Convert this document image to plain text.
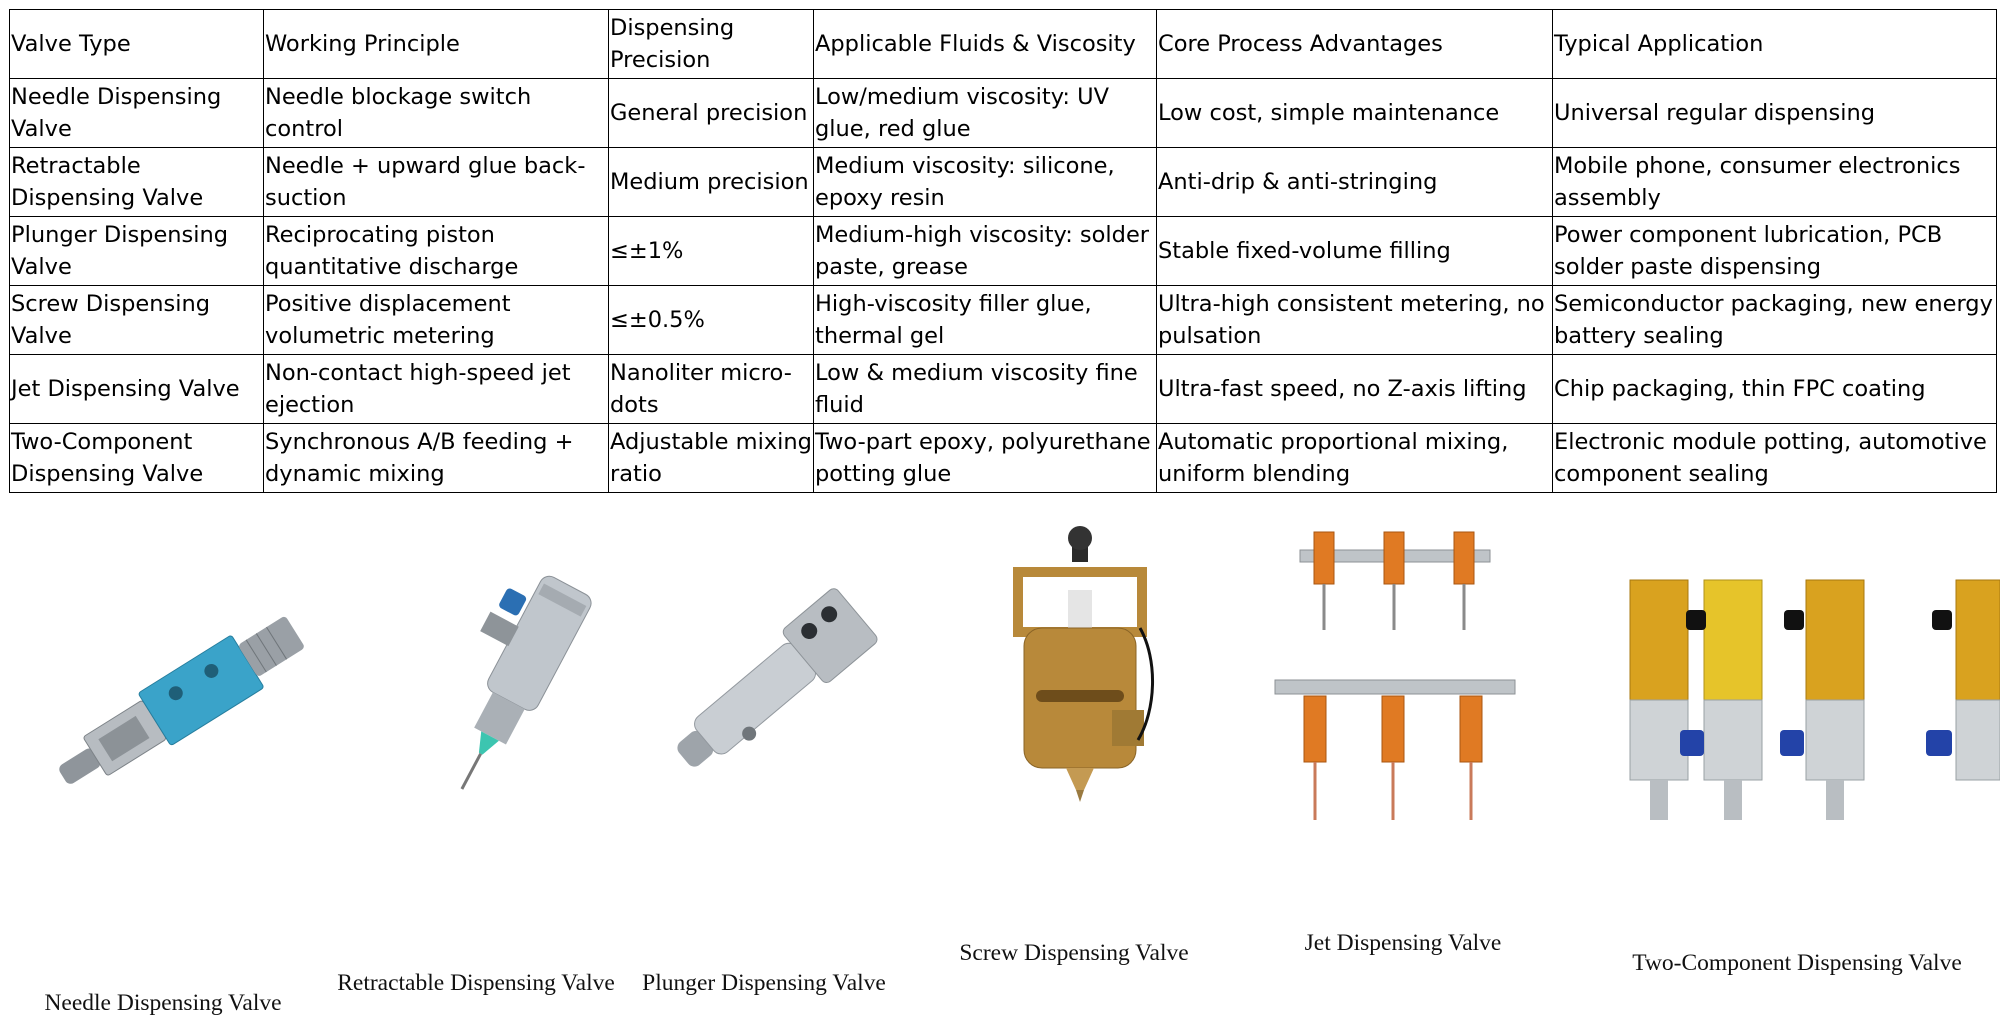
Valve Type	Working Principle	Dispensing Precision	Applicable Fluids & Viscosity	Core Process Advantages	Typical Application
Needle Dispensing Valve	Needle blockage switch control	General precision	Low/medium viscosity: UV glue, red glue	Low cost, simple maintenance	Universal regular dispensing
Retractable Dispensing Valve	Needle + upward glue back-suction	Medium precision	Medium viscosity: silicone, epoxy resin	Anti-drip & anti-stringing	Mobile phone, consumer electronics assembly
Plunger Dispensing Valve	Reciprocating piston quantitative discharge	≤±1%	Medium-high viscosity: solder paste, grease	Stable fixed-volume filling	Power component lubrication, PCB solder paste dispensing
Screw Dispensing Valve	Positive displacement volumetric metering	≤±0.5%	High-viscosity filler glue, thermal gel	Ultra-high consistent metering, no pulsation	Semiconductor packaging, new energy battery sealing
Jet Dispensing Valve	Non-contact high-speed jet ejection	Nanoliter micro-dots	Low & medium viscosity fine fluid	Ultra-fast speed, no Z-axis lifting	Chip packaging, thin FPC coating
Two-Component Dispensing Valve	Synchronous A/B feeding + dynamic mixing	Adjustable mixing ratio	Two-part epoxy, polyurethane potting glue	Automatic proportional mixing, uniform blending	Electronic module potting, automotive component sealing
Needle Dispensing Valve
Retractable Dispensing Valve Plunger Dispensing Valve
Screw Dispensing Valve	Jet Dispensing Valve
Two-Component Dispensing Valve
